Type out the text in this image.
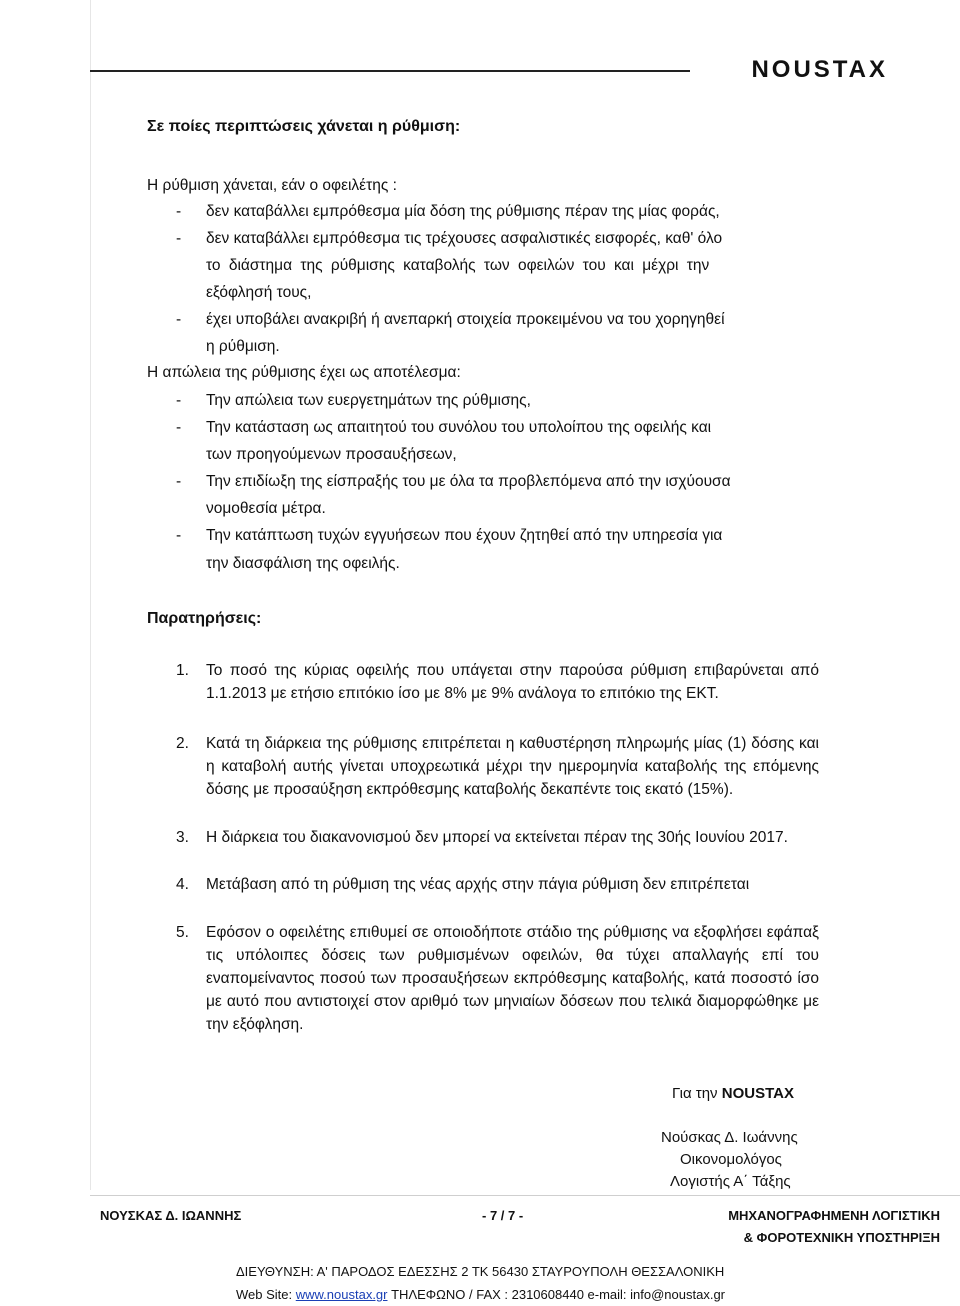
NOUSTAX
Σε ποίες περιπτώσεις χάνεται η ρύθμιση:
Η ρύθμιση χάνεται, εάν ο οφειλέτης :
- δεν καταβάλλει εμπρόθεσμα μία δόση της ρύθμισης πέραν της μίας φοράς,
- δεν καταβάλλει εμπρόθεσμα τις τρέχουσες ασφαλιστικές εισφορές, καθ' όλο
το διάστημα της ρύθμισης καταβολής των οφειλών του και μέχρι την
εξόφλησή τους,
- έχει υποβάλει ανακριβή ή ανεπαρκή στοιχεία προκειμένου να του χορηγηθεί
η ρύθμιση.
Η απώλεια της ρύθμισης έχει ως αποτέλεσμα:
- Την απώλεια των ευεργετημάτων της ρύθμισης,
- Την κατάσταση ως απαιτητού του συνόλου του υπολοίπου της οφειλής και
των προηγούμενων προσαυξήσεων,
- Την επιδίωξη της είσπραξής του με όλα τα προβλεπόμενα από την ισχύουσα
νομοθεσία μέτρα.
- Την κατάπτωση τυχών εγγυήσεων που έχουν ζητηθεί από την υπηρεσία για
την διασφάλιση της οφειλής.
Παρατηρήσεις:
1.	Το ποσό της κύριας οφειλής που υπάγεται στην παρούσα ρύθμιση επιβαρύνεται από 1.1.2013 με ετήσιο επιτόκιο ίσο με 8% με 9% ανάλογα το επιτόκιο της ΕΚΤ.
2.	Κατά τη διάρκεια της ρύθμισης επιτρέπεται η καθυστέρηση πληρωμής μίας (1) δόσης και η καταβολή αυτής γίνεται υποχρεωτικά μέχρι την ημερομηνία καταβολής της επόμενης δόσης με προσαύξηση εκπρόθεσμης καταβολής δεκαπέντε τοις εκατό (15%).
3.	Η διάρκεια του διακανονισμού δεν μπορεί να εκτείνεται πέραν της 30ής Ιουνίου 2017.
4.	Μετάβαση από τη ρύθμιση της νέας αρχής στην πάγια ρύθμιση δεν επιτρέπεται
5.	Εφόσον ο οφειλέτης επιθυμεί σε οποιοδήποτε στάδιο της ρύθμισης να εξοφλήσει εφάπαξ τις υπόλοιπες δόσεις των ρυθμισμένων οφειλών, θα τύχει απαλλαγής επί του εναπομείναντος ποσού των προσαυξήσεων εκπρόθεσμης καταβολής, κατά ποσοστό ίσο με αυτό που αντιστοιχεί στον αριθμό των μηνιαίων δόσεων που τελικά διαμορφώθηκε με την εξόφληση.
Για την NOUSTAX
Νούσκας Δ. Ιωάννης
Οικονομολόγος
Λογιστής Α΄ Τάξης
ΝΟΥΣΚΑΣ Δ. ΙΩΑΝΝΗΣ	- 7 / 7 -	ΜΗΧΑΝΟΓΡΑΦΗΜΕΝΗ ΛΟΓΙΣΤΙΚΗ
& ΦΟΡΟΤΕΧΝΙΚΗ ΥΠΟΣΤΗΡΙΞΗ
ΔΙΕΥΘΥΝΣΗ: Α' ΠΑΡΟΔΟΣ ΕΔΕΣΣΗΣ 2 ΤΚ 56430 ΣΤΑΥΡΟΥΠΟΛΗ ΘΕΣΣΑΛΟΝΙΚΗ
Web Site: www.noustax.gr ΤΗΛΕΦΩΝΟ / FAX : 2310608440 e-mail: info@noustax.gr
